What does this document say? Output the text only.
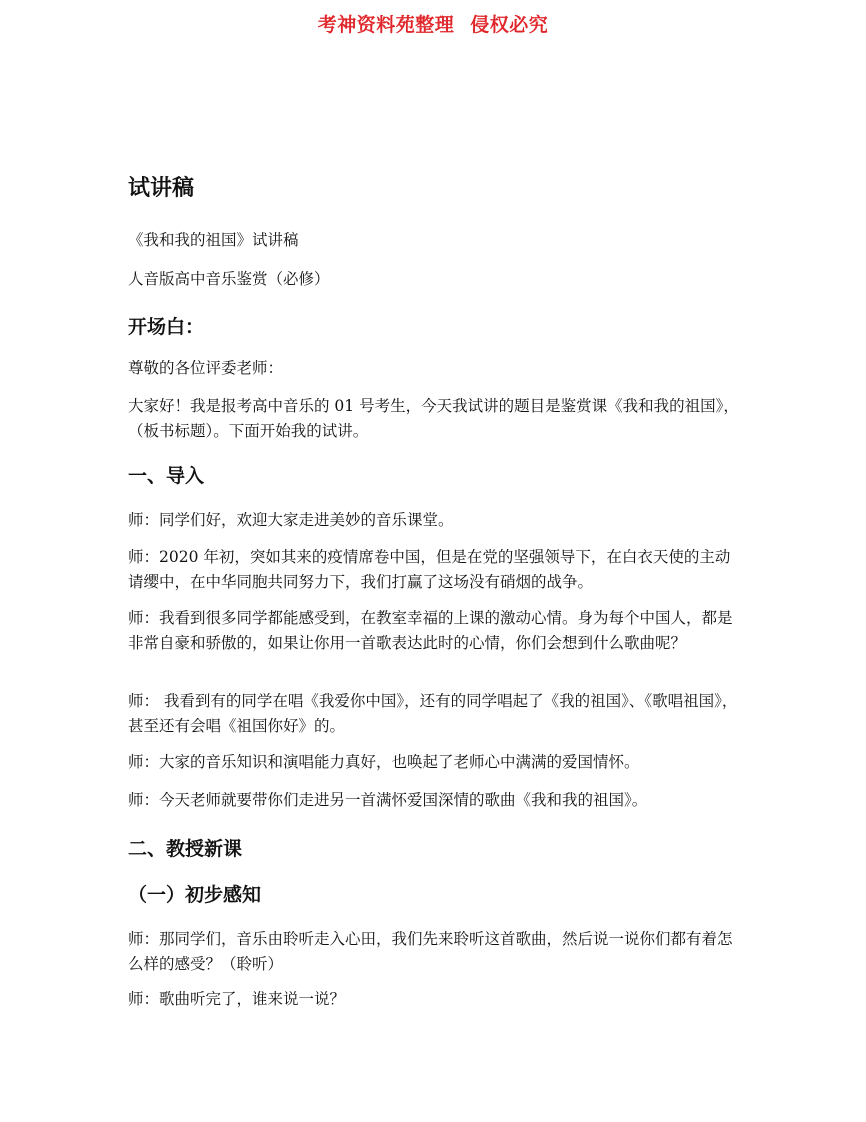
考神资料苑整理 侵权必究
试讲稿

《我和我的祖国》试讲稿

人音版高中音乐鉴赏（必修）

开场白：

尊敬的各位评委老师：

大家好！我是报考高中音乐的 01 号考生，今天我试讲的题目是鉴赏课《我和我的祖国》，（板书标题）。下面开始我的试讲。

一、导入

师：同学们好，欢迎大家走进美妙的音乐课堂。

师：2020 年初，突如其来的疫情席卷中国，但是在党的坚强领导下，在白衣天使的主动请缨中，在中华同胞共同努力下，我们打赢了这场没有硝烟的战争。

师：我看到很多同学都能感受到，在教室幸福的上课的激动心情。身为每个中国人，都是非常自豪和骄傲的，如果让你用一首歌表达此时的心情，你们会想到什么歌曲呢？

师： 我看到有的同学在唱《我爱你中国》，还有的同学唱起了《我的祖国》、《歌唱祖国》，甚至还有会唱《祖国你好》的。

师：大家的音乐知识和演唱能力真好，也唤起了老师心中满满的爱国情怀。

师：今天老师就要带你们走进另一首满怀爱国深情的歌曲《我和我的祖国》。

二、教授新课
（一）初步感知

师：那同学们，音乐由聆听走入心田，我们先来聆听这首歌曲，然后说一说你们都有着怎么样的感受？（聆听）

师：歌曲听完了，谁来说一说？
